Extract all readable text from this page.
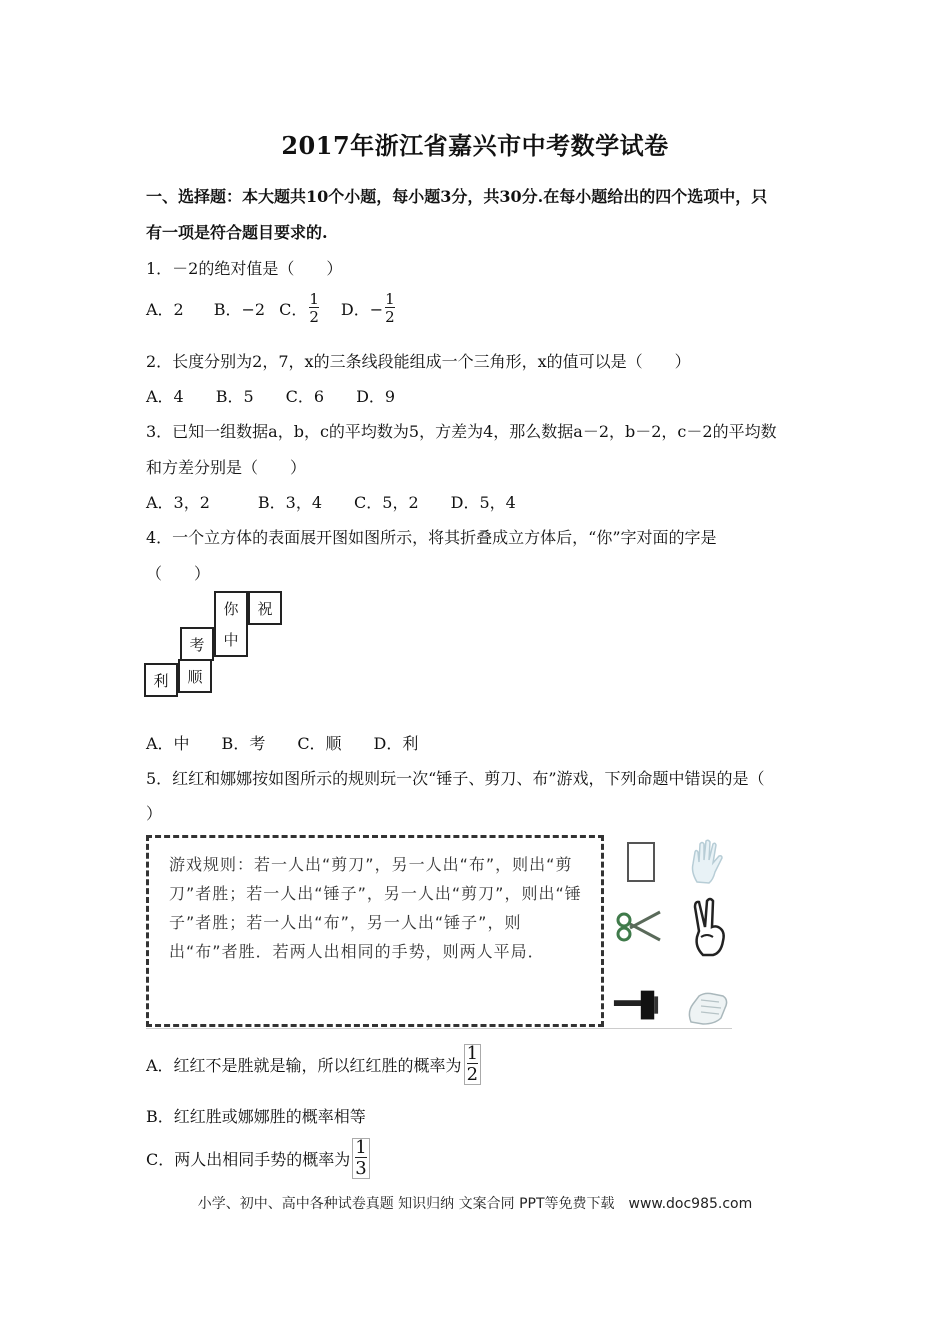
2017年浙江省嘉兴市中考数学试卷
一、选择题：本大题共10个小题，每小题3分，共30分.在每小题给出的四个选项中，只
有一项是符合题目要求的.
1．－2的绝对值是（　　）
A．2 B．−2 C． $\frac{1}{2}$ D．− $\frac{1}{2}$
2．长度分别为2，7，x的三条线段能组成一个三角形，x的值可以是（　　）
A．4　　B．5　　C．6　　D．9
3．已知一组数据a，b，c的平均数为5，方差为4，那么数据a－2，b－2，c－2的平均数
和方差分别是（　　）
A．3，2　　　B．3，4　　C．5，2　　D．5，4
4．一个立方体的表面展开图如图所示，将其折叠成立方体后，“你”字对面的字是
（　　）
你	祝
考	中
利	顺
A．中　　B．考　　C．顺　　D．利
5．红红和娜娜按如图所示的规则玩一次“锤子、剪刀、布”游戏，下列命题中错误的是（
）
游戏规则：若一人出“剪刀”，另一人出“布”，则出“剪刀”者胜；若一人出“锤子”，另一人出“剪刀”，则出“锤子”者胜；若一人出“布”，另一人出“锤子”，则出“布”者胜．若两人出相同的手势，则两人平局．
A．红红不是胜就是输，所以红红胜的概率为 $\frac{1}{2}$
B．红红胜或娜娜胜的概率相等
C．两人出相同手势的概率为 $\frac{1}{3}$
小学、初中、高中各种试卷真题 知识归纳 文案合同 PPT等免费下载　www.doc985.com
